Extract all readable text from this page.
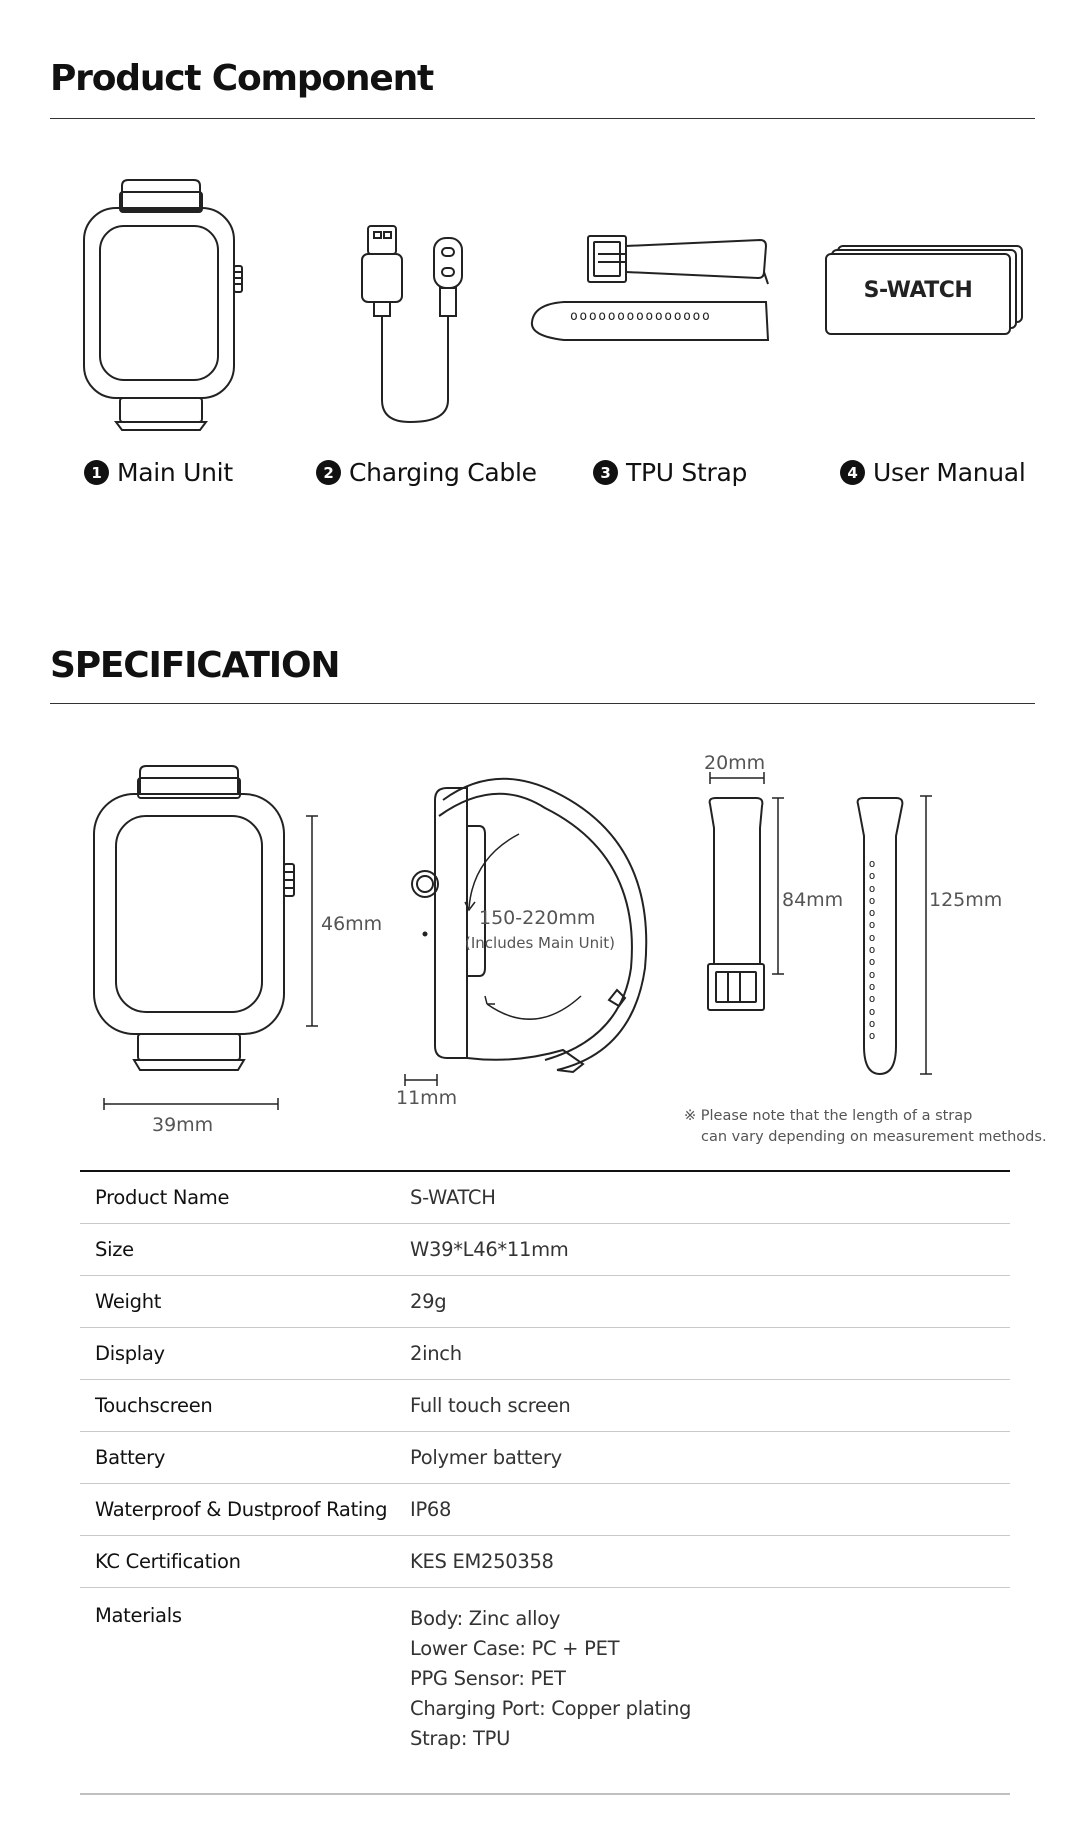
Product Component
ooooooooooooooo
S-WATCH
1 Main Unit	2 Charging Cable	3 TPU Strap	4 User Manual
SPECIFICATION
46mm
39mm
150-220mm
(Includes Main Unit)
11mm
o
o
o
o
o
o
o
o
o
o
o
o
o
o
o
20mm
84mm	125mm
※ Please note that the length of a strap
can vary depending on measurement methods.
Product Name	S-WATCH
Size	W39*L46*11mm
Weight	29g
Display	2inch
Touchscreen	Full touch screen
Battery	Polymer battery
Waterproof & Dustproof Rating	IP68
KC Certification	KES EM250358
Materials	Body: Zinc alloy
Lower Case: PC + PET
PPG Sensor: PET
Charging Port: Copper plating
Strap: TPU
